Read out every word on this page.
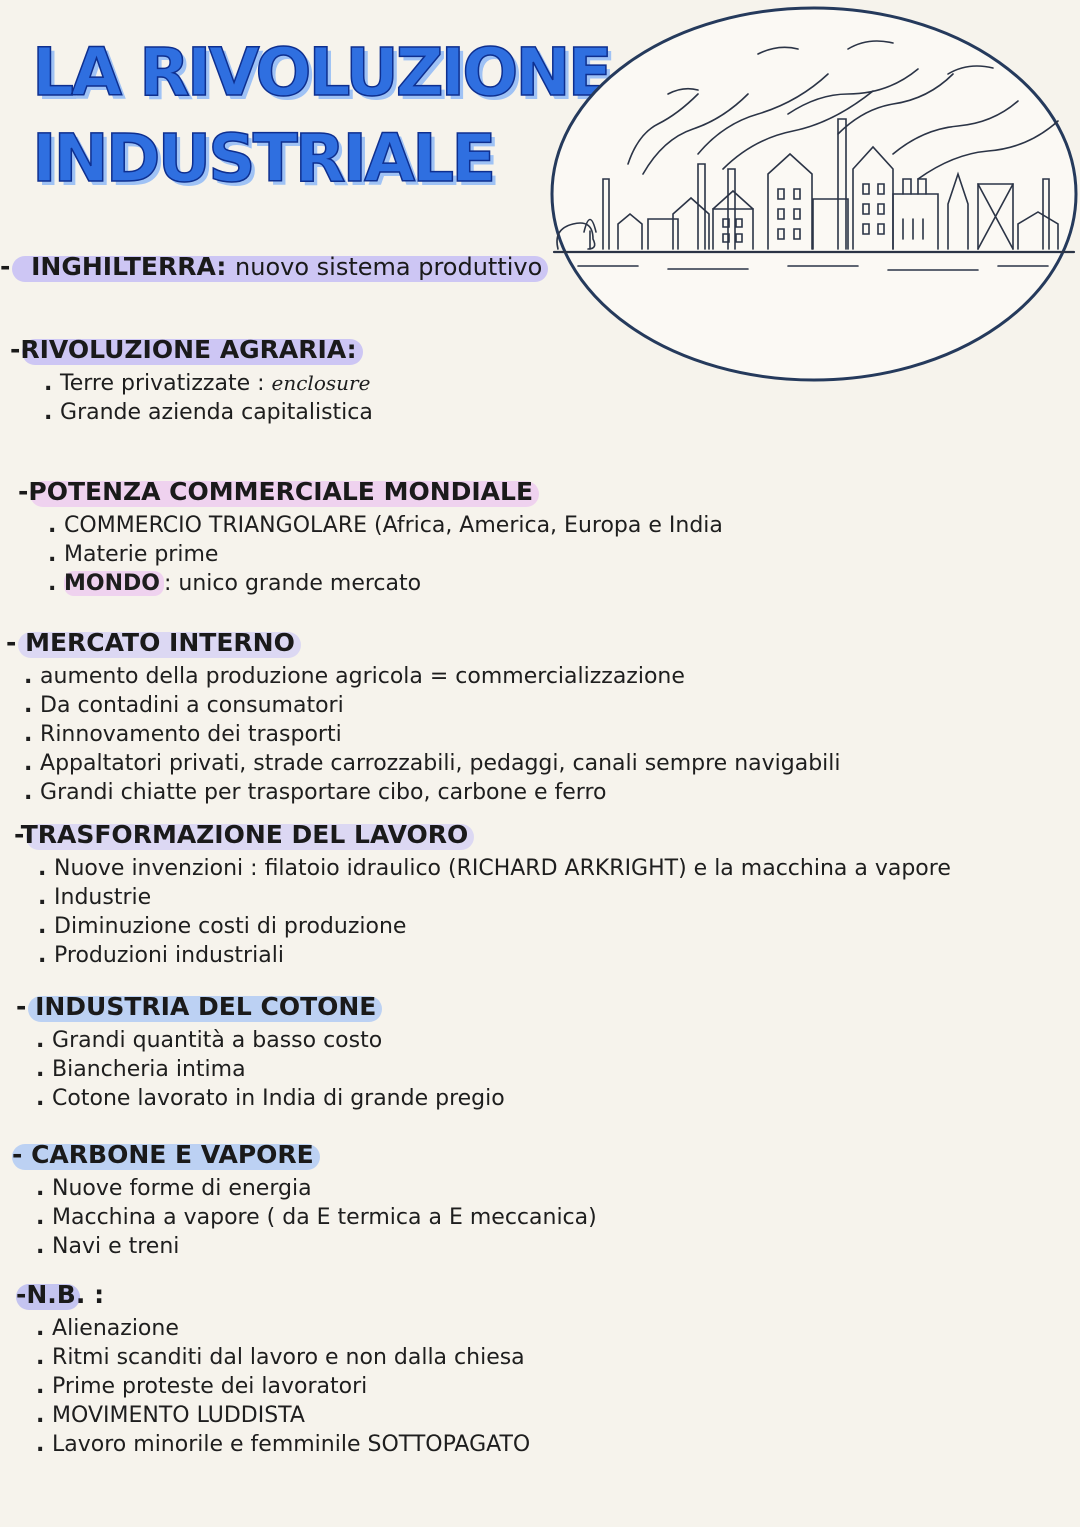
LA RIVOLUZIONE
INDUSTRIALE
- INGHILTERRA: nuovo sistema produttivo
-RIVOLUZIONE AGRARIA:
. Terre privatizzate : enclosure
. Grande azienda capitalistica
-POTENZA COMMERCIALE MONDIALE
. COMMERCIO TRIANGOLARE (Africa, America, Europa e India
. Materie prime
. MONDO : unico grande mercato
- MERCATO INTERNO
. aumento della produzione agricola = commercializzazione
. Da contadini a consumatori
. Rinnovamento dei trasporti
. Appaltatori privati, strade carrozzabili, pedaggi, canali sempre navigabili
. Grandi chiatte per trasportare cibo, carbone e ferro
-TRASFORMAZIONE DEL LAVORO
. Nuove invenzioni : filatoio idraulico (RICHARD ARKRIGHT) e la macchina a vapore
. Industrie
. Diminuzione costi di produzione
. Produzioni industriali
- INDUSTRIA DEL COTONE
. Grandi quantità a basso costo
. Biancheria intima
. Cotone lavorato in India di grande pregio
- CARBONE E VAPORE
. Nuove forme di energia
. Macchina a vapore ( da E termica a E meccanica)
. Navi e treni
-N.B. :
. Alienazione
. Ritmi scanditi dal lavoro e non dalla chiesa
. Prime proteste dei lavoratori
. MOVIMENTO LUDDISTA
. Lavoro minorile e femminile SOTTOPAGATO
